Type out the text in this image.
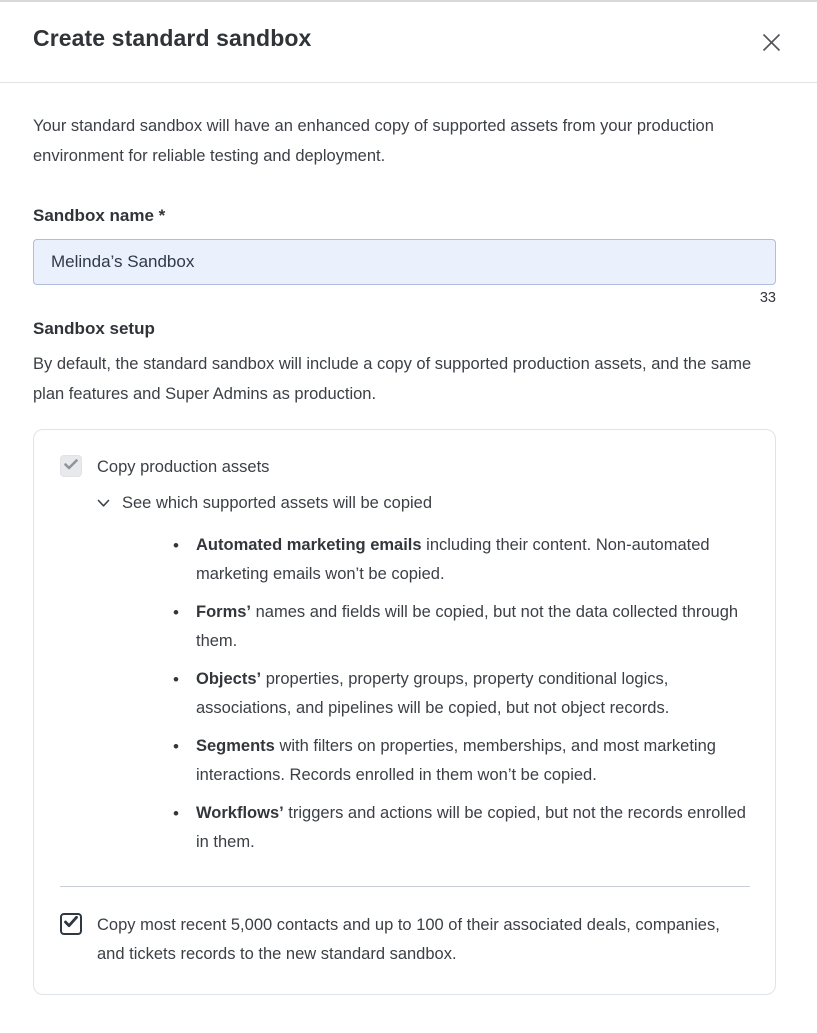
Create standard sandbox

Your standard sandbox will have an enhanced copy of supported assets from your production environment for reliable testing and deployment.

Sandbox name *
Melinda’s Sandbox
33
Sandbox setup

By default, the standard sandbox will include a copy of supported production assets, and the same plan features and Super Admins as production.

Copy production assets
See which supported assets will be copied
• Automated marketing emails including their content. Non-automated marketing emails won’t be copied.
• Forms’ names and fields will be copied, but not the data collected through them.
• Objects’ properties, property groups, property conditional logics, associations, and pipelines will be copied, but not object records.
• Segments with filters on properties, memberships, and most marketing interactions. Records enrolled in them won’t be copied.
• Workflows’ triggers and actions will be copied, but not the records enrolled in them.
Copy most recent 5,000 contacts and up to 100 of their associated deals, companies, and tickets records to the new standard sandbox.
